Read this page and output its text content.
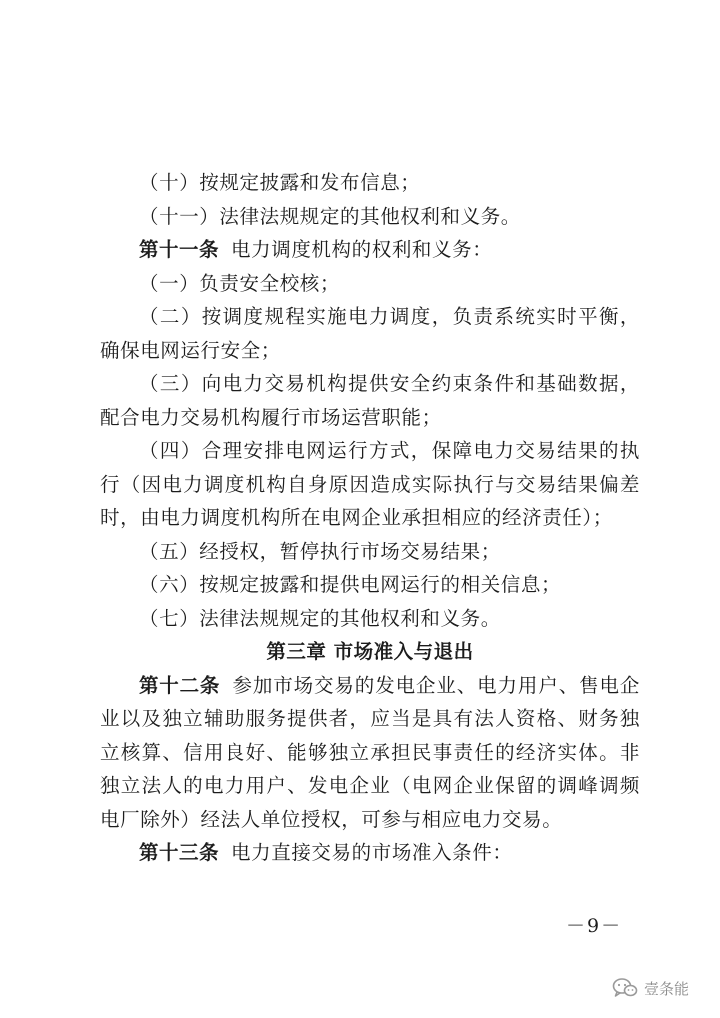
（十）按规定披露和发布信息；

（十一）法律法规规定的其他权利和义务。

第十一条 电力调度机构的权利和义务：

（一）负责安全校核；

（二）按调度规程实施电力调度，负责系统实时平衡，确保电网运行安全；

（三）向电力交易机构提供安全约束条件和基础数据，配合电力交易机构履行市场运营职能；

（四）合理安排电网运行方式，保障电力交易结果的执行（因电力调度机构自身原因造成实际执行与交易结果偏差时，由电力调度机构所在电网企业承担相应的经济责任）；

（五）经授权，暂停执行市场交易结果；

（六）按规定披露和提供电网运行的相关信息；

（七）法律法规规定的其他权利和义务。

第三章 市场准入与退出

第十二条 参加市场交易的发电企业、电力用户、售电企业以及独立辅助服务提供者，应当是具有法人资格、财务独立核算、信用良好、能够独立承担民事责任的经济实体。非独立法人的电力用户、发电企业（电网企业保留的调峰调频电厂除外）经法人单位授权，可参与相应电力交易。

第十三条 电力直接交易的市场准入条件：

－9－
壹条能
